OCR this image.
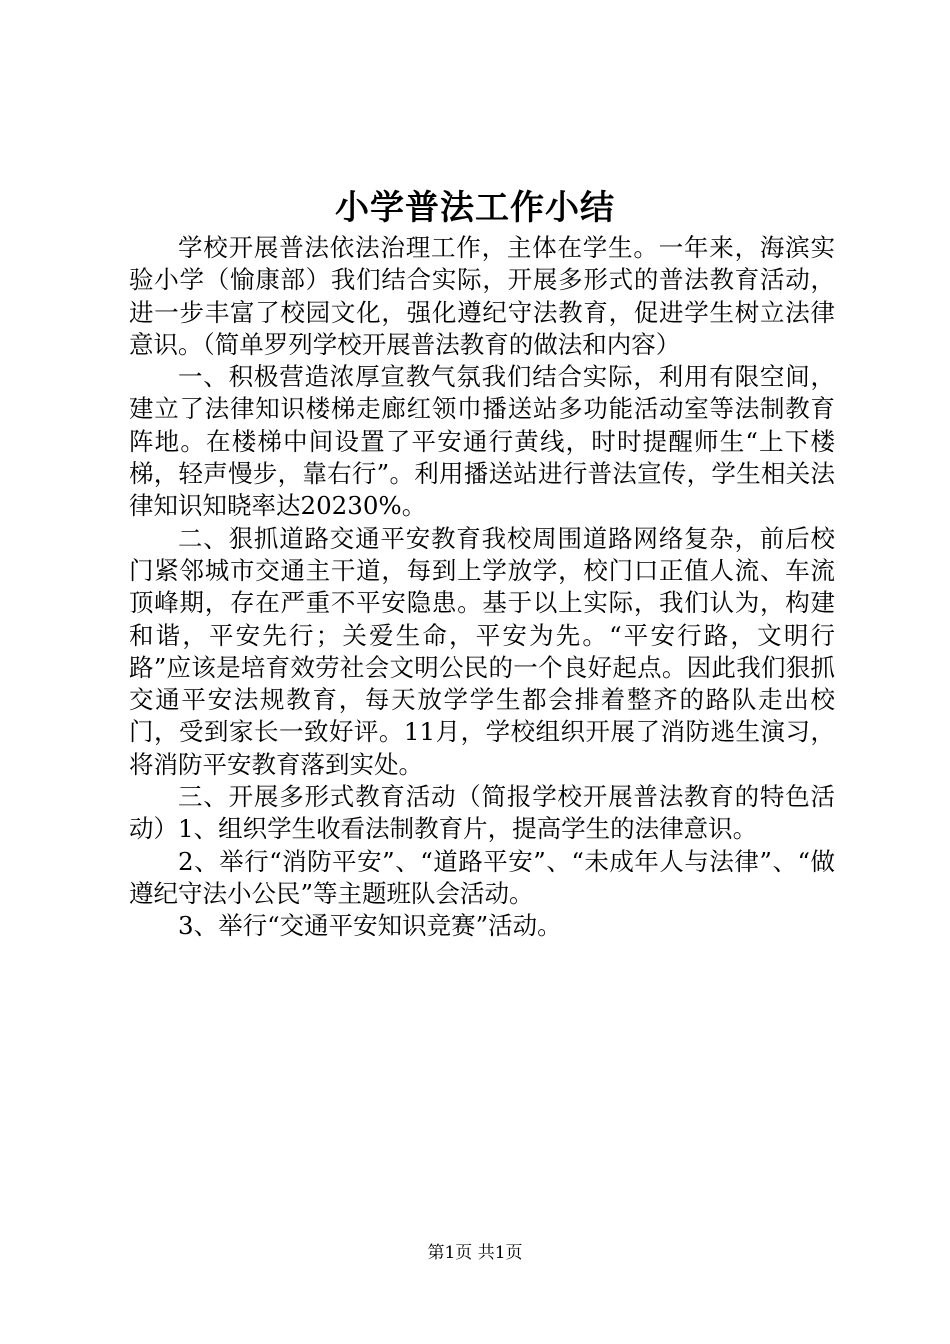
小学普法工作小结

学校开展普法依法治理工作，主体在学生。一年来，海滨实验小学（愉康部）我们结合实际，开展多形式的普法教育活动，进一步丰富了校园文化，强化遵纪守法教育，促进学生树立法律意识。（简单罗列学校开展普法教育的做法和内容）

一、积极营造浓厚宣教气氛我们结合实际，利用有限空间，建立了法律知识楼梯走廊红领巾播送站多功能活动室等法制教育阵地。在楼梯中间设置了平安通行黄线，时时提醒师生“上下楼梯，轻声慢步，靠右行”。利用播送站进行普法宣传，学生相关法律知识知晓率达20230%。

二、狠抓道路交通平安教育我校周围道路网络复杂，前后校门紧邻城市交通主干道，每到上学放学，校门口正值人流、车流顶峰期，存在严重不平安隐患。基于以上实际，我们认为，构建和谐，平安先行；关爱生命，平安为先。“平安行路，文明行路”应该是培育效劳社会文明公民的一个良好起点。因此我们狠抓交通平安法规教育，每天放学学生都会排着整齐的路队走出校门，受到家长一致好评。11月，学校组织开展了消防逃生演习，将消防平安教育落到实处。

三、开展多形式教育活动（简报学校开展普法教育的特色活动）1、组织学生收看法制教育片，提高学生的法律意识。

2、举行“消防平安”、“道路平安”、“未成年人与法律”、“做遵纪守法小公民”等主题班队会活动。

3、举行“交通平安知识竞赛”活动。

第1页 共1页
